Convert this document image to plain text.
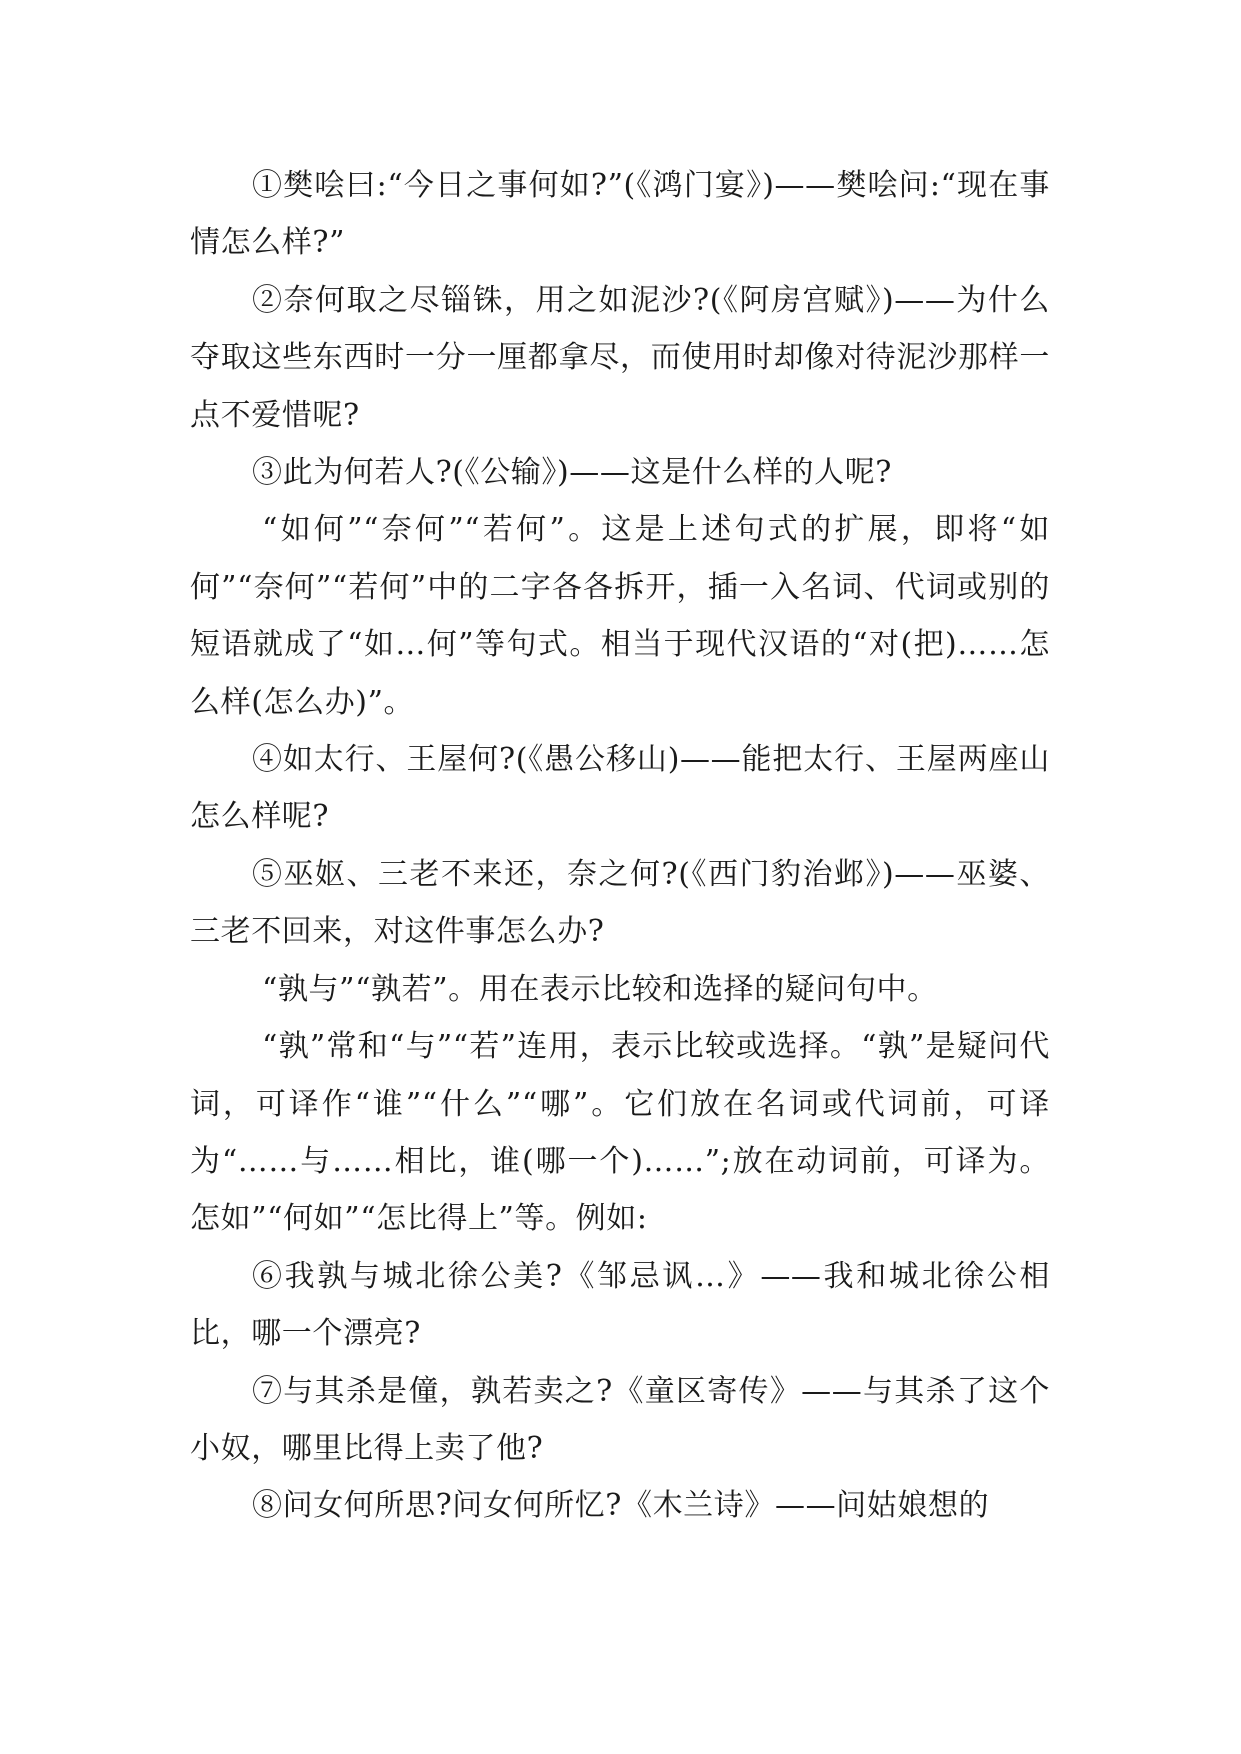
①樊哙曰:“今日之事何如?”(《鸿门宴》)——樊哙问:“现在事情怎么样?”

②奈何取之尽锱铢，用之如泥沙?(《阿房宫赋》)——为什么夺取这些东西时一分一厘都拿尽，而使用时却像对待泥沙那样一点不爱惜呢?

③此为何若人?(《公输》)——这是什么样的人呢?

“如何”“奈何”“若何”。这是上述句式的扩展，即将“如何”“奈何”“若何”中的二字各各拆开，插一入名词、代词或别的短语就成了“如…何”等句式。相当于现代汉语的“对(把)……怎么样(怎么办)”。

④如太行、王屋何?(《愚公移山)——能把太行、王屋两座山怎么样呢?

⑤巫妪、三老不来还，奈之何?(《西门豹治邺》)——巫婆、三老不回来，对这件事怎么办?

“孰与”“孰若”。用在表示比较和选择的疑问句中。

“孰”常和“与”“若”连用，表示比较或选择。“孰”是疑问代词，可译作“谁”“什么”“哪”。它们放在名词或代词前，可译为“……与……相比，谁(哪一个)……”;放在动词前，可译为。怎如”“何如”“怎比得上”等。例如:

⑥我孰与城北徐公美?《邹忌讽…》——我和城北徐公相比，哪一个漂亮?

⑦与其杀是僮，孰若卖之?《童区寄传》——与其杀了这个小奴，哪里比得上卖了他?

⑧问女何所思?问女何所忆?《木兰诗》——问姑娘想的
